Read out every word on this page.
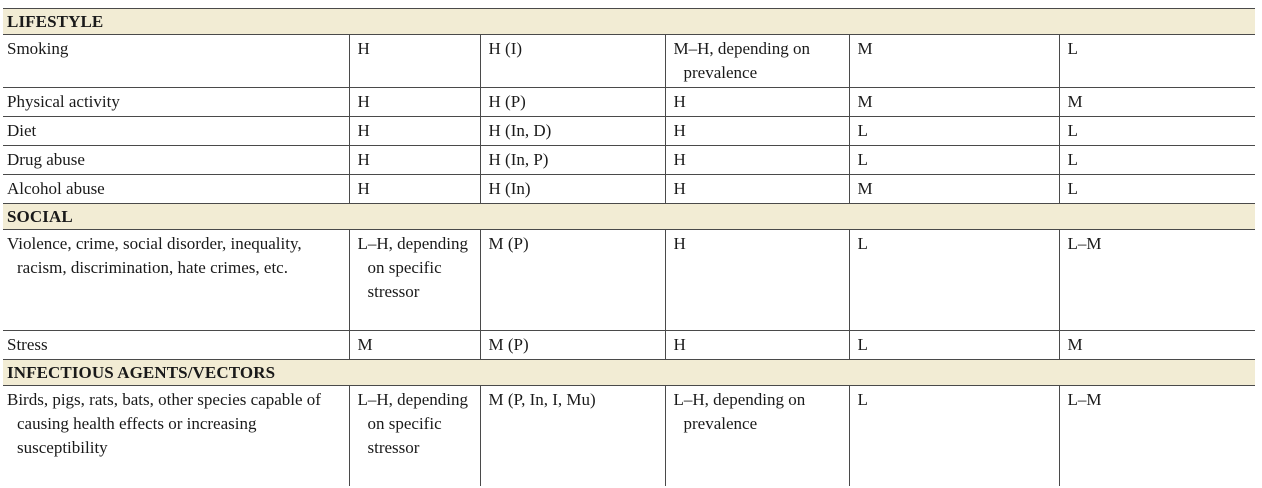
LIFESTYLE					

Smoking	H	H (I)	M–H, depending on prevalence	M	L

Physical activity	H	H (P)	H	M	M

Diet	H	H (In, D)	H	L	L

Drug abuse	H	H (In, P)	H	L	L

Alcohol abuse	H	H (In)	H	M	L

SOCIAL					

Violence, crime, social disorder, inequality, racism, discrimination, hate crimes, etc.	L–H, depending on specific stressor	M (P)	H	L	L–M

Stress	M	M (P)	H	L	M

INFECTIOUS AGENTS/VECTORS					

Birds, pigs, rats, bats, other species capable of causing health effects or increasing susceptibility	L–H, depending on specific stressor	M (P, In, I, Mu)	L–H, depending on prevalence	L	L–M
